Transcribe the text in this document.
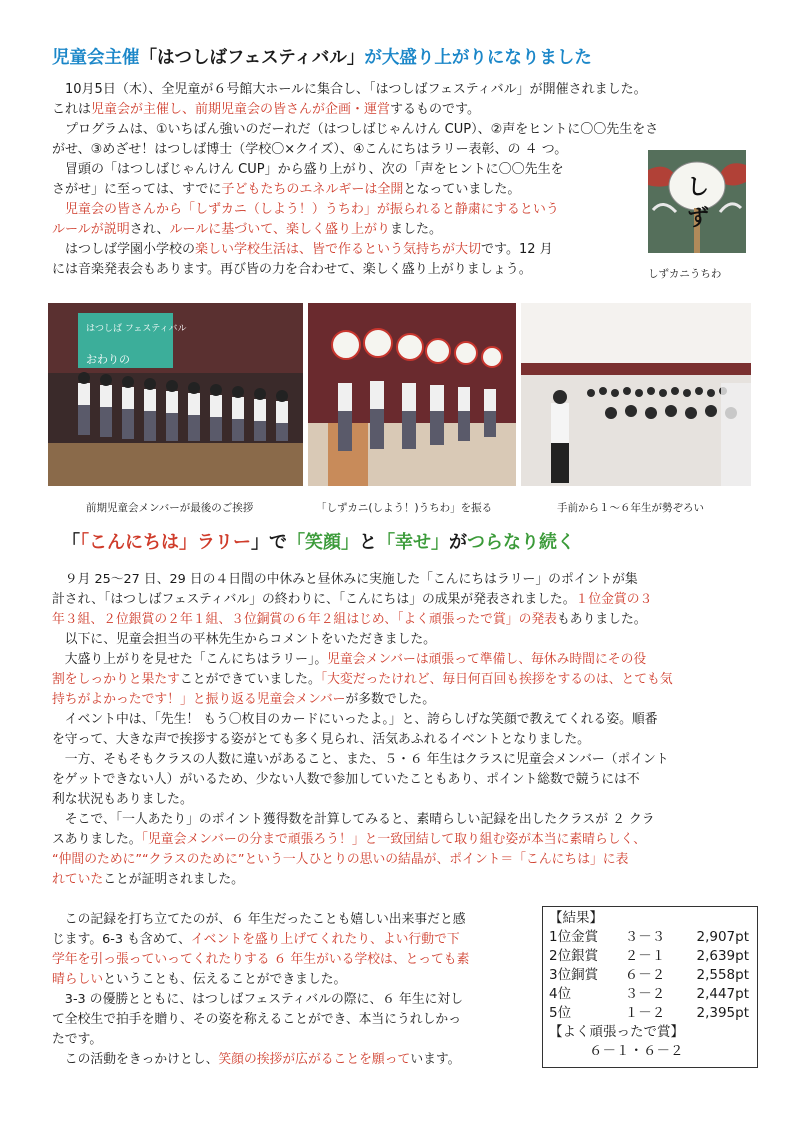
児童会主催「はつしばフェスティバル」が大盛り上がりになりました

　10月5日（木）、全児童が６号館大ホールに集合し、「はつしばフェスティバル」が開催されました。

これは児童会が主催し、前期児童会の皆さんが企画・運営するものです。

　プログラムは、①いちばん強いのだーれだ（はつしばじゃんけん CUP）、②声をヒントに〇〇先生をさ

がせ、③めざせ！はつしば博士（学校〇×クイズ）、④こんにちはラリー表彰、の ４ つ。

　冒頭の「はつしばじゃんけん CUP」から盛り上がり、次の「声をヒントに〇〇先生を

さがせ」に至っては、すでに子どもたちのエネルギーは全開となっていました。

　児童会の皆さんから「しずカニ（しよう！）うちわ」が振られると静粛にするという

ルールが説明され、ルールに基づいて、楽しく盛り上がりました。

　はつしば学園小学校の楽しい学校生活は、皆で作るという気持ちが大切です。12 月

には音楽発表会もあります。再び皆の力を合わせて、楽しく盛り上がりましょう。

しず
しずカニうちわ
はつしば フェスティバル
おわりの
前期児童会メンバーが最後のご挨拶	「しずカニ(しよう！)うちわ」を振る	手前から１～６年生が勢ぞろい
「「こんにちは」ラリー」で「笑顔」と「幸せ」がつらなり続く

　９月 25～27 日、29 日の４日間の中休みと昼休みに実施した「こんにちはラリー」のポイントが集

計され、「はつしばフェスティバル」の終わりに、「こんにちは」の成果が発表されました。１位金賞の３

年３組、２位銀賞の２年１組、３位銅賞の６年２組はじめ、「よく頑張ったで賞」の発表もありました。

　以下に、児童会担当の平林先生からコメントをいただきました。

　大盛り上がりを見せた「こんにちはラリー」。児童会メンバーは頑張って準備し、毎休み時間にその役

割をしっかりと果たすことができていました。「大変だったけれど、毎日何百回も挨拶をするのは、とても気

持ちがよかったです！」と振り返る児童会メンバーが多数でした。

　イベント中は、「先生！ もう〇枚目のカードにいったよ。」と、誇らしげな笑顔で教えてくれる姿。順番

を守って、大きな声で挨拶する姿がとても多く見られ、活気あふれるイベントとなりました。

　一方、そもそもクラスの人数に違いがあること、また、５・６ 年生はクラスに児童会メンバー（ポイント

をゲットできない人）がいるため、少ない人数で参加していたこともあり、ポイント総数で競うには不

利な状況もありました。

　そこで、「一人あたり」のポイント獲得数を計算してみると、素晴らしい記録を出したクラスが ２ クラ

スありました。「児童会メンバーの分まで頑張ろう！」と一致団結して取り組む姿が本当に素晴らしく、

“仲間のために”“クラスのために”という一人ひとりの思いの結晶が、ポイント＝「こんにちは」に表

れていたことが証明されました。

　この記録を打ち立てたのが、６ 年生だったことも嬉しい出来事だと感

じます。6-3 も含めて、イベントを盛り上げてくれたり、よい行動で下

学年を引っ張っていってくれたりする ６ 年生がいる学校は、とっても素

晴らしいということも、伝えることができました。

　3-3 の優勝とともに、はつしばフェスティバルの際に、６ 年生に対し

て全校生で拍手を贈り、その姿を称えることができ、本当にうれしかっ

たです。

　この活動をきっかけとし、笑顔の挨拶が広がることを願っています。

【結果】
1位金賞	３－３	2,907pt
2位銀賞	２－１	2,639pt
3位銅賞	６－２	2,558pt
4位	３－２	2,447pt
5位	１－２	2,395pt
【よく頑張ったで賞】
６－１・６－２
